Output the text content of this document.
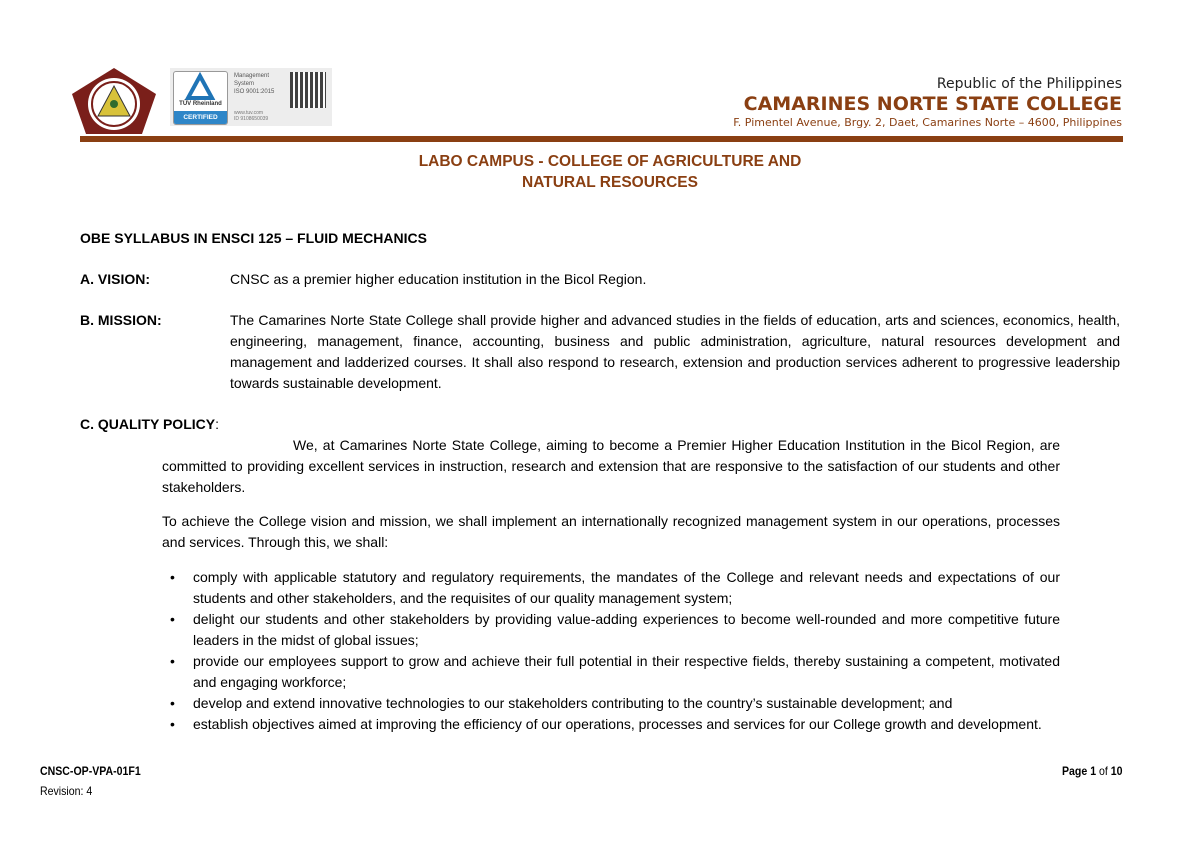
TÜV Rheinland
CERTIFIED
Management System
ISO 9001:2015
www.tuv.com
ID 9108650039
Republic of the Philippines
CAMARINES NORTE STATE COLLEGE
F. Pimentel Avenue, Brgy. 2, Daet, Camarines Norte – 4600, Philippines
LABO CAMPUS - COLLEGE OF AGRICULTURE AND
NATURAL RESOURCES
OBE SYLLABUS IN ENSCI 125 – FLUID MECHANICS
A. VISION:	CNSC as a premier higher education institution in the Bicol Region.
B. MISSION:	The Camarines Norte State College shall provide higher and advanced studies in the fields of education, arts and sciences, economics, health, engineering, management, finance, accounting, business and public administration, agriculture, natural resources development and management and ladderized courses. It shall also respond to research, extension and production services adherent to progressive leadership towards sustainable development.
C. QUALITY POLICY:
We, at Camarines Norte State College, aiming to become a Premier Higher Education Institution in the Bicol Region, are committed to providing excellent services in instruction, research and extension that are responsive to the satisfaction of our students and other stakeholders.
To achieve the College vision and mission, we shall implement an internationally recognized management system in our operations, processes and services. Through this, we shall:
• comply with applicable statutory and regulatory requirements, the mandates of the College and relevant needs and expectations of our students and other stakeholders, and the requisites of our quality management system;
• delight our students and other stakeholders by providing value-adding experiences to become well-rounded and more competitive future leaders in the midst of global issues;
• provide our employees support to grow and achieve their full potential in their respective fields, thereby sustaining a competent, motivated and engaging workforce;
• develop and extend innovative technologies to our stakeholders contributing to the country’s sustainable development; and
• establish objectives aimed at improving the efficiency of our operations, processes and services for our College growth and development.
CNSC-OP-VPA-01F1
Revision: 4
Page 1 of 10
